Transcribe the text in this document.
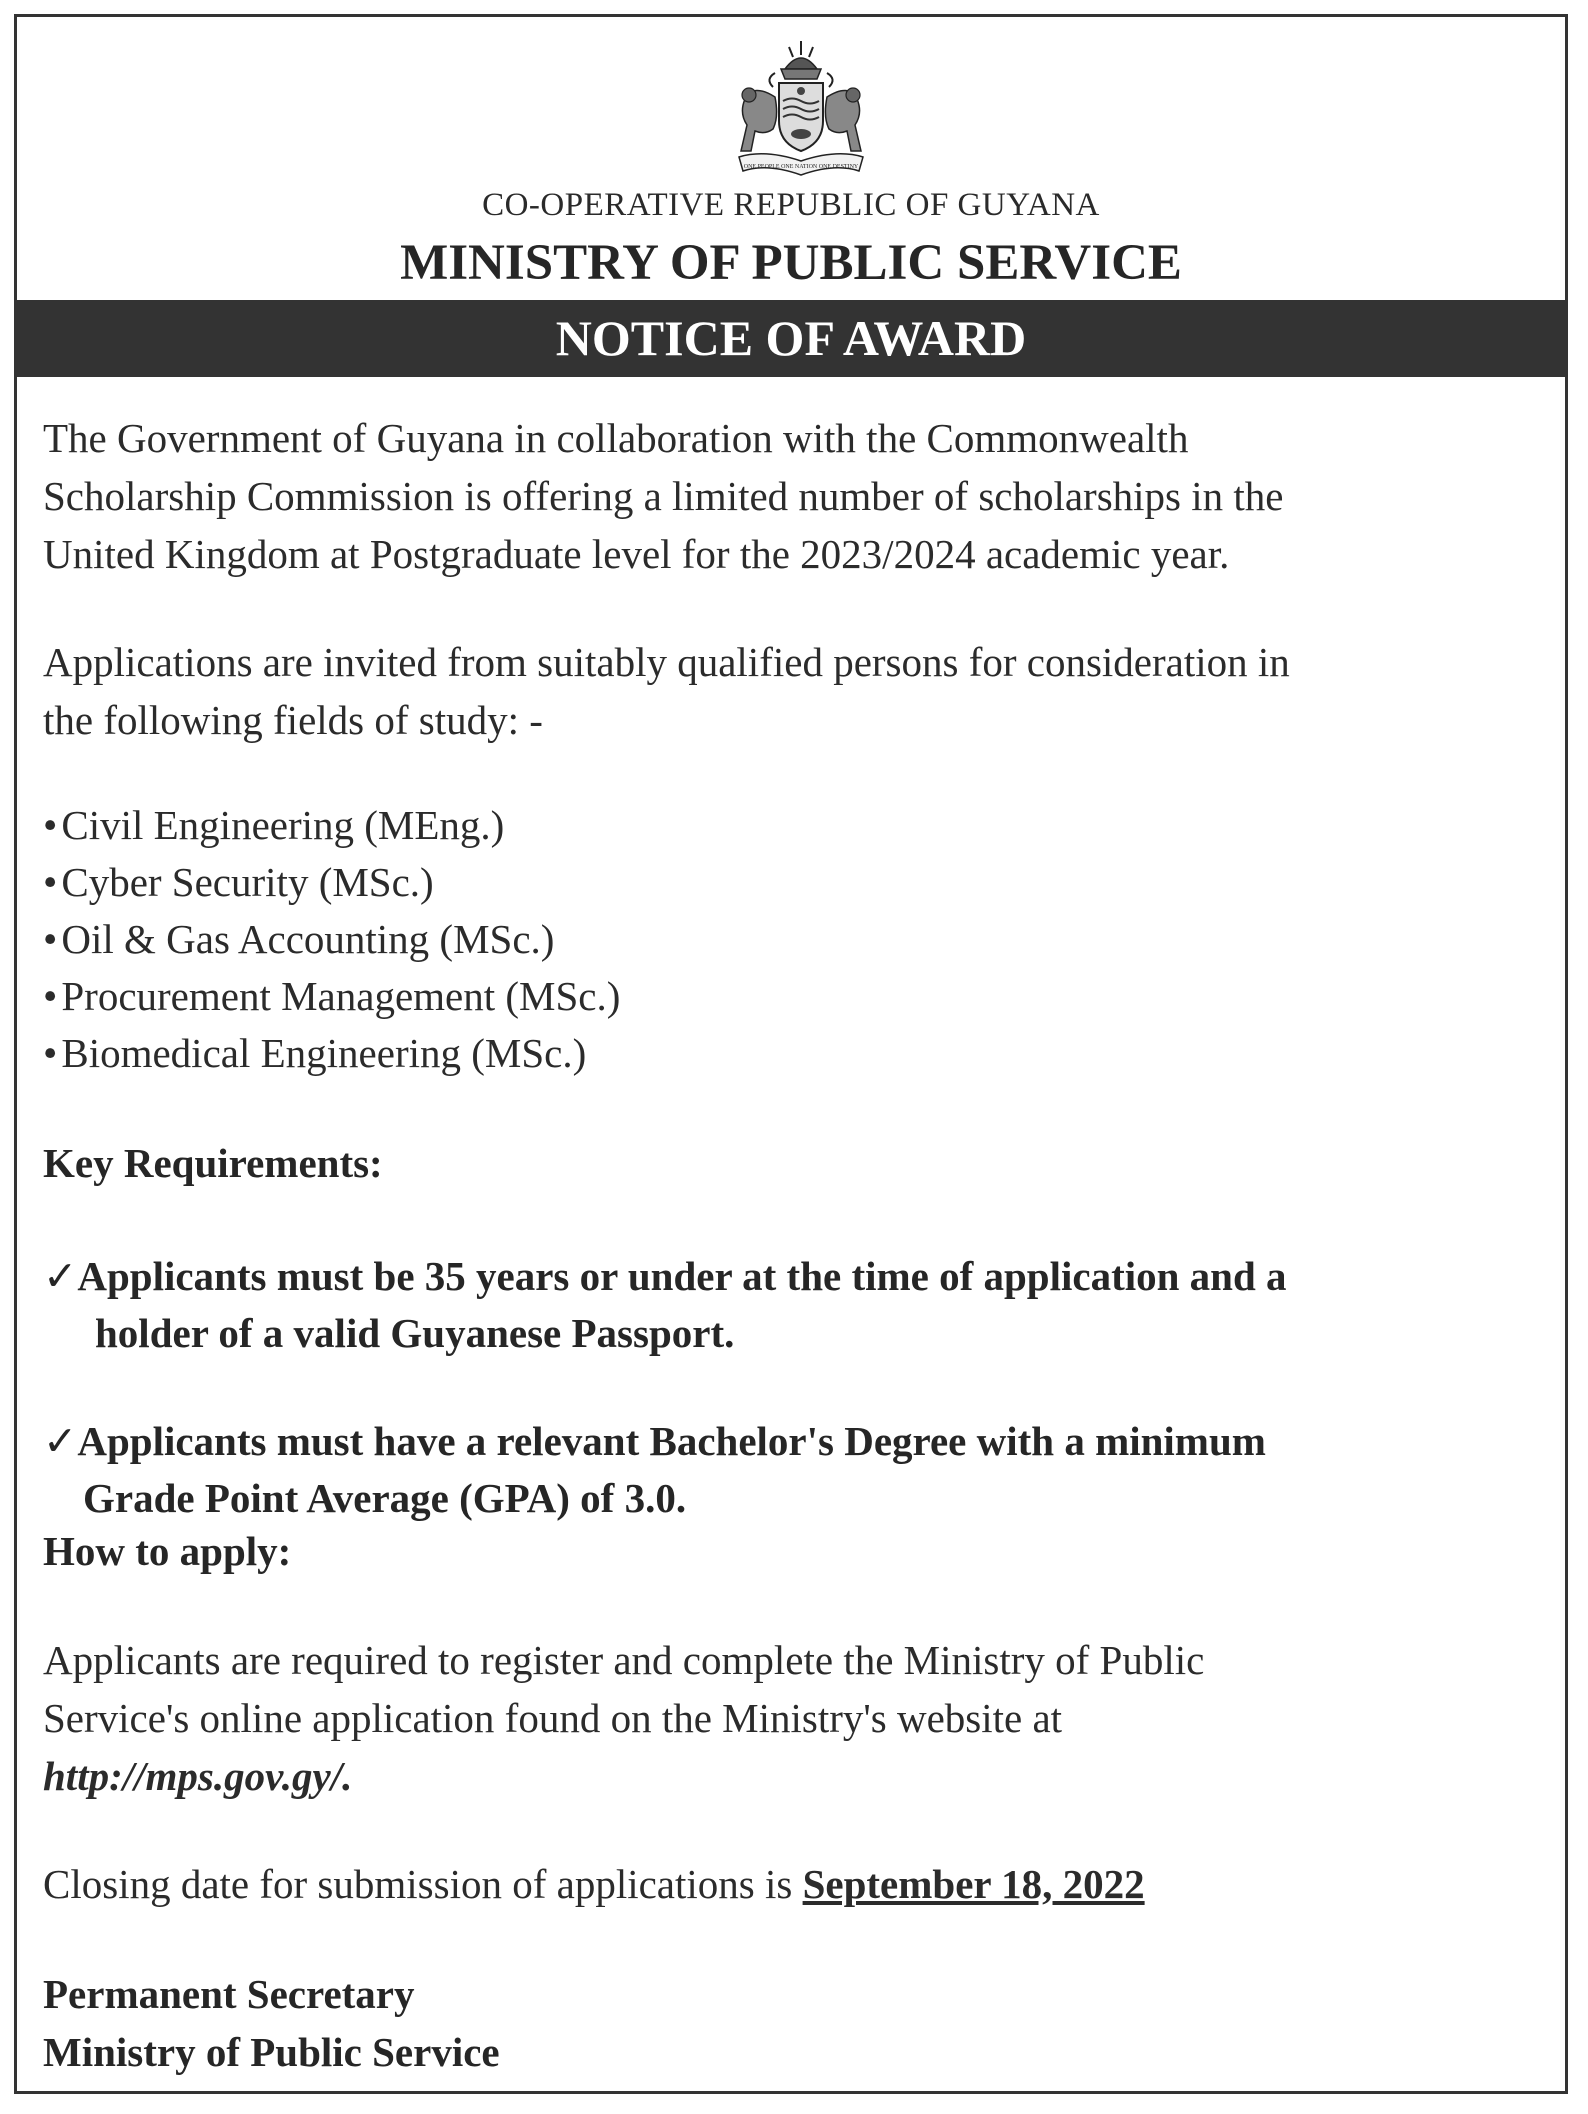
ONE PEOPLE ONE NATION ONE DESTINY
CO-OPERATIVE REPUBLIC OF GUYANA
MINISTRY OF PUBLIC SERVICE
NOTICE OF AWARD
The Government of Guyana in collaboration with the Commonwealth
Scholarship Commission is offering a limited number of scholarships in the
United Kingdom at Postgraduate level for the 2023/2024 academic year.
Applications are invited from suitably qualified persons for consideration in
the following fields of study: -
• Civil Engineering (MEng.)
• Cyber Security (MSc.)
• Oil & Gas Accounting (MSc.)
• Procurement Management (MSc.)
• Biomedical Engineering (MSc.)
Key Requirements:
✓Applicants must be 35 years or under at the time of application and a
holder of a valid Guyanese Passport.
✓Applicants must have a relevant Bachelor's Degree with a minimum
Grade Point Average (GPA) of 3.0.
How to apply:
Applicants are required to register and complete the Ministry of Public
Service's online application found on the Ministry's website at
http://mps.gov.gy/.
Closing date for submission of applications is September 18, 2022
Permanent Secretary
Ministry of Public Service
